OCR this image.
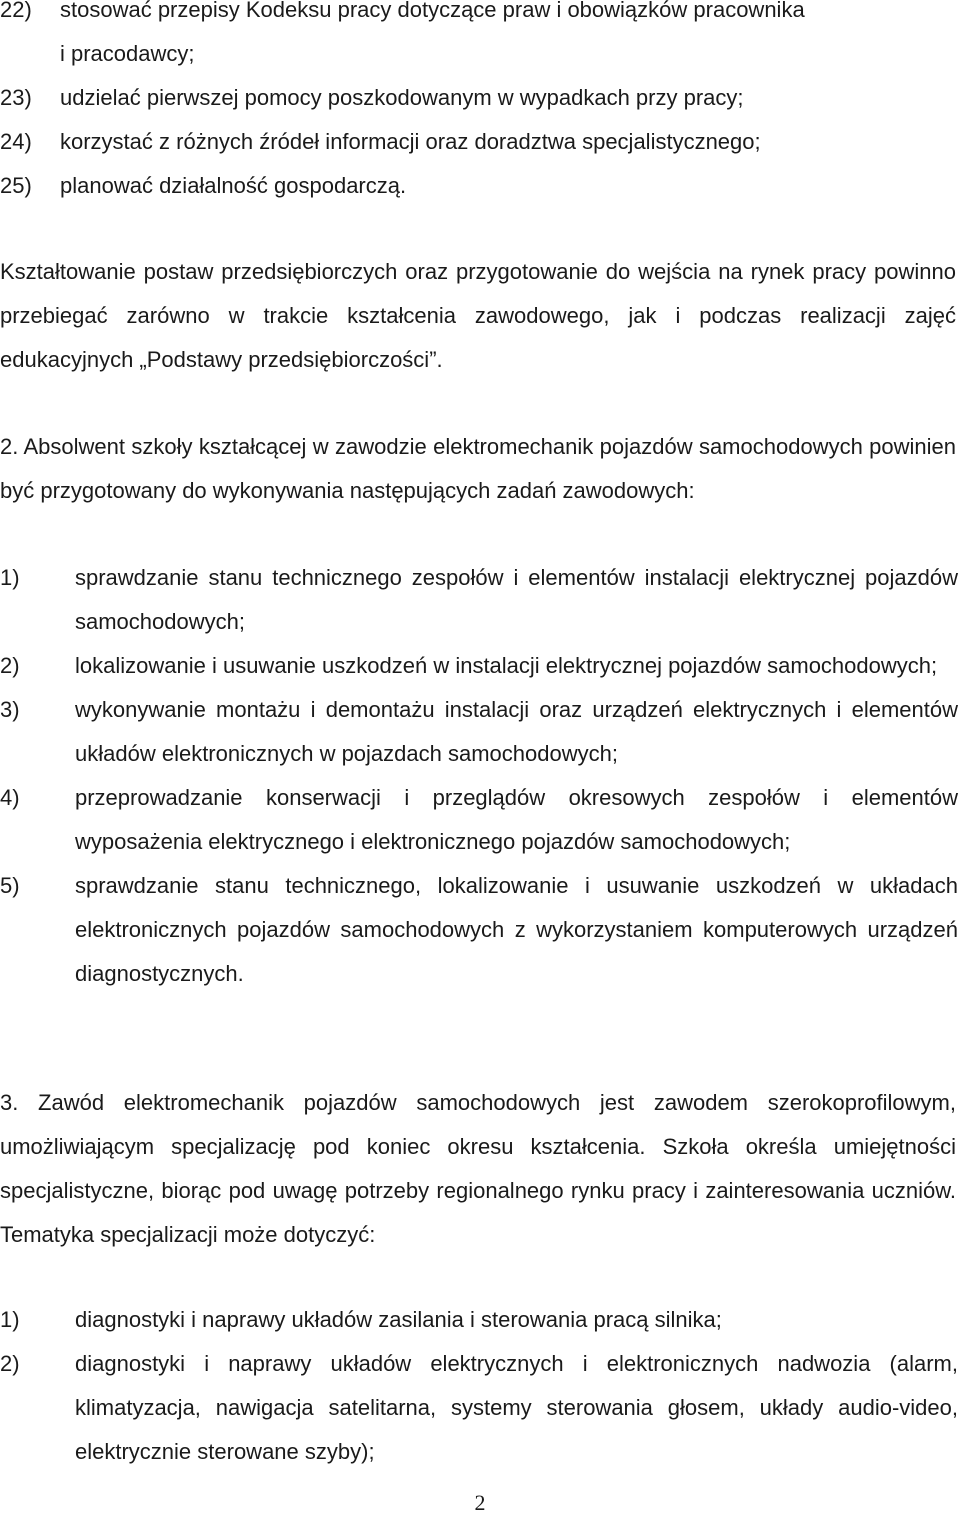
22) stosować przepisy Kodeksu pracy dotyczące praw i obowiązków pracownika
i pracodawcy;
23) udzielać pierwszej pomocy poszkodowanym w wypadkach przy pracy;
24) korzystać z różnych źródeł informacji oraz doradztwa specjalistycznego;
25) planować działalność gospodarczą.

Kształtowanie postaw przedsiębiorczych oraz przygotowanie do wejścia na rynek pracy powinno przebiegać zarówno w trakcie kształcenia zawodowego, jak i podczas realizacji zajęć edukacyjnych „Podstawy przedsiębiorczości”.

2. Absolwent szkoły kształcącej w zawodzie elektromechanik pojazdów samochodowych powinien być przygotowany do wykonywania następujących zadań zawodowych:

1)	sprawdzanie stanu technicznego zespołów i elementów instalacji elektrycznej pojazdów samochodowych;
2)	lokalizowanie i usuwanie uszkodzeń w instalacji elektrycznej pojazdów samochodowych;
3)	wykonywanie montażu i demontażu instalacji oraz urządzeń elektrycznych i elementów układów elektronicznych w pojazdach samochodowych;
4)	przeprowadzanie konserwacji i przeglądów okresowych zespołów i elementów wyposażenia elektrycznego i elektronicznego pojazdów samochodowych;
5)	sprawdzanie stanu technicznego, lokalizowanie i usuwanie uszkodzeń w układach elektronicznych pojazdów samochodowych z wykorzystaniem komputerowych urządzeń diagnostycznych.

3. Zawód elektromechanik pojazdów samochodowych jest zawodem szerokoprofilowym, umożliwiającym specjalizację pod koniec okresu kształcenia. Szkoła określa umiejętności specjalistyczne, biorąc pod uwagę potrzeby regionalnego rynku pracy i zainteresowania uczniów. Tematyka specjalizacji może dotyczyć:

1)	diagnostyki i naprawy układów zasilania i sterowania pracą silnika;
2)	diagnostyki i naprawy układów elektrycznych i elektronicznych nadwozia (alarm, klimatyzacja, nawigacja satelitarna, systemy sterowania głosem, układy audio-video, elektrycznie sterowane szyby);
2
